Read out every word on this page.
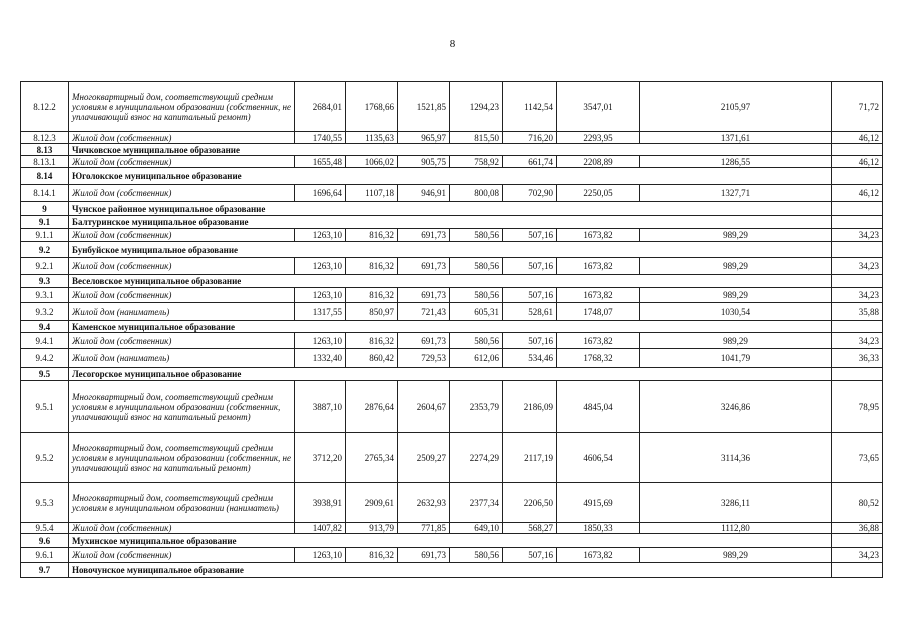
8
8.12.2	Многоквартирный дом, соответствующий средним условиям в муниципальном образовании (собственник, не уплачивающий взнос на капитальный ремонт)	2684,01	1768,66	1521,85	1294,23	1142,54	3547,01	2105,97	71,72
8.12.3	Жилой дом (собственник)	1740,55	1135,63	965,97	815,50	716,20	2293,95	1371,61	46,12
8.13	Чичковское муниципальное образование								
8.13.1	Жилой дом (собственник)	1655,48	1066,02	905,75	758,92	661,74	2208,89	1286,55	46,12
8.14	Юголокское муниципальное образование								
8.14.1	Жилой дом (собственник)	1696,64	1107,18	946,91	800,08	702,90	2250,05	1327,71	46,12
9	Чунское районное муниципальное образование								
9.1	Балтуринское муниципальное образование								
9.1.1	Жилой дом (собственник)	1263,10	816,32	691,73	580,56	507,16	1673,82	989,29	34,23
9.2	Бунбуйское муниципальное образование								
9.2.1	Жилой дом (собственник)	1263,10	816,32	691,73	580,56	507,16	1673,82	989,29	34,23
9.3	Веселовское муниципальное образование								
9.3.1	Жилой дом (собственник)	1263,10	816,32	691,73	580,56	507,16	1673,82	989,29	34,23
9.3.2	Жилой дом (наниматель)	1317,55	850,97	721,43	605,31	528,61	1748,07	1030,54	35,88
9.4	Каменское муниципальное образование								
9.4.1	Жилой дом (собственник)	1263,10	816,32	691,73	580,56	507,16	1673,82	989,29	34,23
9.4.2	Жилой дом (наниматель)	1332,40	860,42	729,53	612,06	534,46	1768,32	1041,79	36,33
9.5	Лесогорское муниципальное образование								
9.5.1	Многоквартирный дом, соответствующий средним условиям в муниципальном образовании (собственник, уплачивающий взнос на капитальный ремонт)	3887,10	2876,64	2604,67	2353,79	2186,09	4845,04	3246,86	78,95
9.5.2	Многоквартирный дом, соответствующий средним условиям в муниципальном образовании (собственник, не уплачивающий взнос на капитальный ремонт)	3712,20	2765,34	2509,27	2274,29	2117,19	4606,54	3114,36	73,65
9.5.3	Многоквартирный дом, соответствующий средним условиям в муниципальном образовании (наниматель)	3938,91	2909,61	2632,93	2377,34	2206,50	4915,69	3286,11	80,52
9.5.4	Жилой дом (собственник)	1407,82	913,79	771,85	649,10	568,27	1850,33	1112,80	36,88
9.6	Мухинское муниципальное образование								
9.6.1	Жилой дом (собственник)	1263,10	816,32	691,73	580,56	507,16	1673,82	989,29	34,23
9.7	Новочунское муниципальное образование								
